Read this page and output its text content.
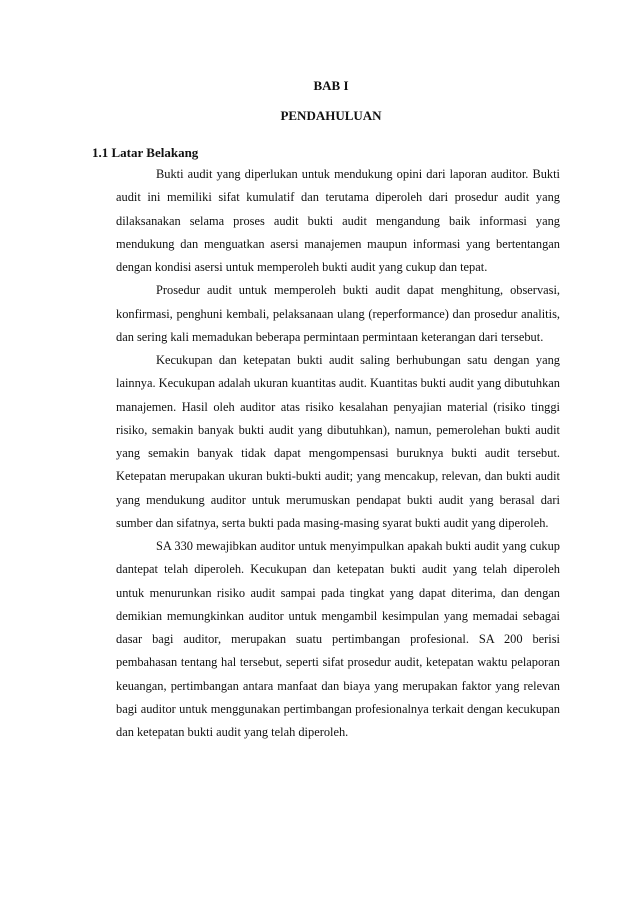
BAB I
PENDAHULUAN
1.1 Latar Belakang

Bukti audit yang diperlukan untuk mendukung opini dari laporan auditor. Bukti audit ini memiliki sifat kumulatif dan terutama diperoleh dari prosedur audit yang dilaksanakan selama proses audit bukti audit mengandung baik informasi yang mendukung dan menguatkan asersi manajemen maupun informasi yang bertentangan dengan kondisi asersi untuk memperoleh bukti audit yang cukup dan tepat.

Prosedur audit untuk memperoleh bukti audit dapat menghitung, observasi, konfirmasi, penghuni kembali, pelaksanaan ulang (reperformance) dan prosedur analitis, dan sering kali memadukan beberapa permintaan permintaan keterangan dari tersebut.

Kecukupan dan ketepatan bukti audit saling berhubungan satu dengan yang lainnya. Kecukupan adalah ukuran kuantitas audit. Kuantitas bukti audit yang dibutuhkan manajemen. Hasil oleh auditor atas risiko kesalahan penyajian material (risiko tinggi risiko, semakin banyak bukti audit yang dibutuhkan), namun, pemerolehan bukti audit yang semakin banyak tidak dapat mengompensasi buruknya bukti audit tersebut. Ketepatan merupakan ukuran bukti-bukti audit; yang mencakup, relevan, dan bukti audit yang mendukung auditor untuk merumuskan pendapat bukti audit yang berasal dari sumber dan sifatnya, serta bukti pada masing-masing syarat bukti audit yang diperoleh.

SA 330 mewajibkan auditor untuk menyimpulkan apakah bukti audit yang cukup dantepat telah diperoleh. Kecukupan dan ketepatan bukti audit yang telah diperoleh untuk menurunkan risiko audit sampai pada tingkat yang dapat diterima, dan dengan demikian memungkinkan auditor untuk mengambil kesimpulan yang memadai sebagai dasar bagi auditor, merupakan suatu pertimbangan profesional. SA 200 berisi pembahasan tentang hal tersebut, seperti sifat prosedur audit, ketepatan waktu pelaporan keuangan, pertimbangan antara manfaat dan biaya yang merupakan faktor yang relevan bagi auditor untuk menggunakan pertimbangan profesionalnya terkait dengan kecukupan dan ketepatan bukti audit yang telah diperoleh.
